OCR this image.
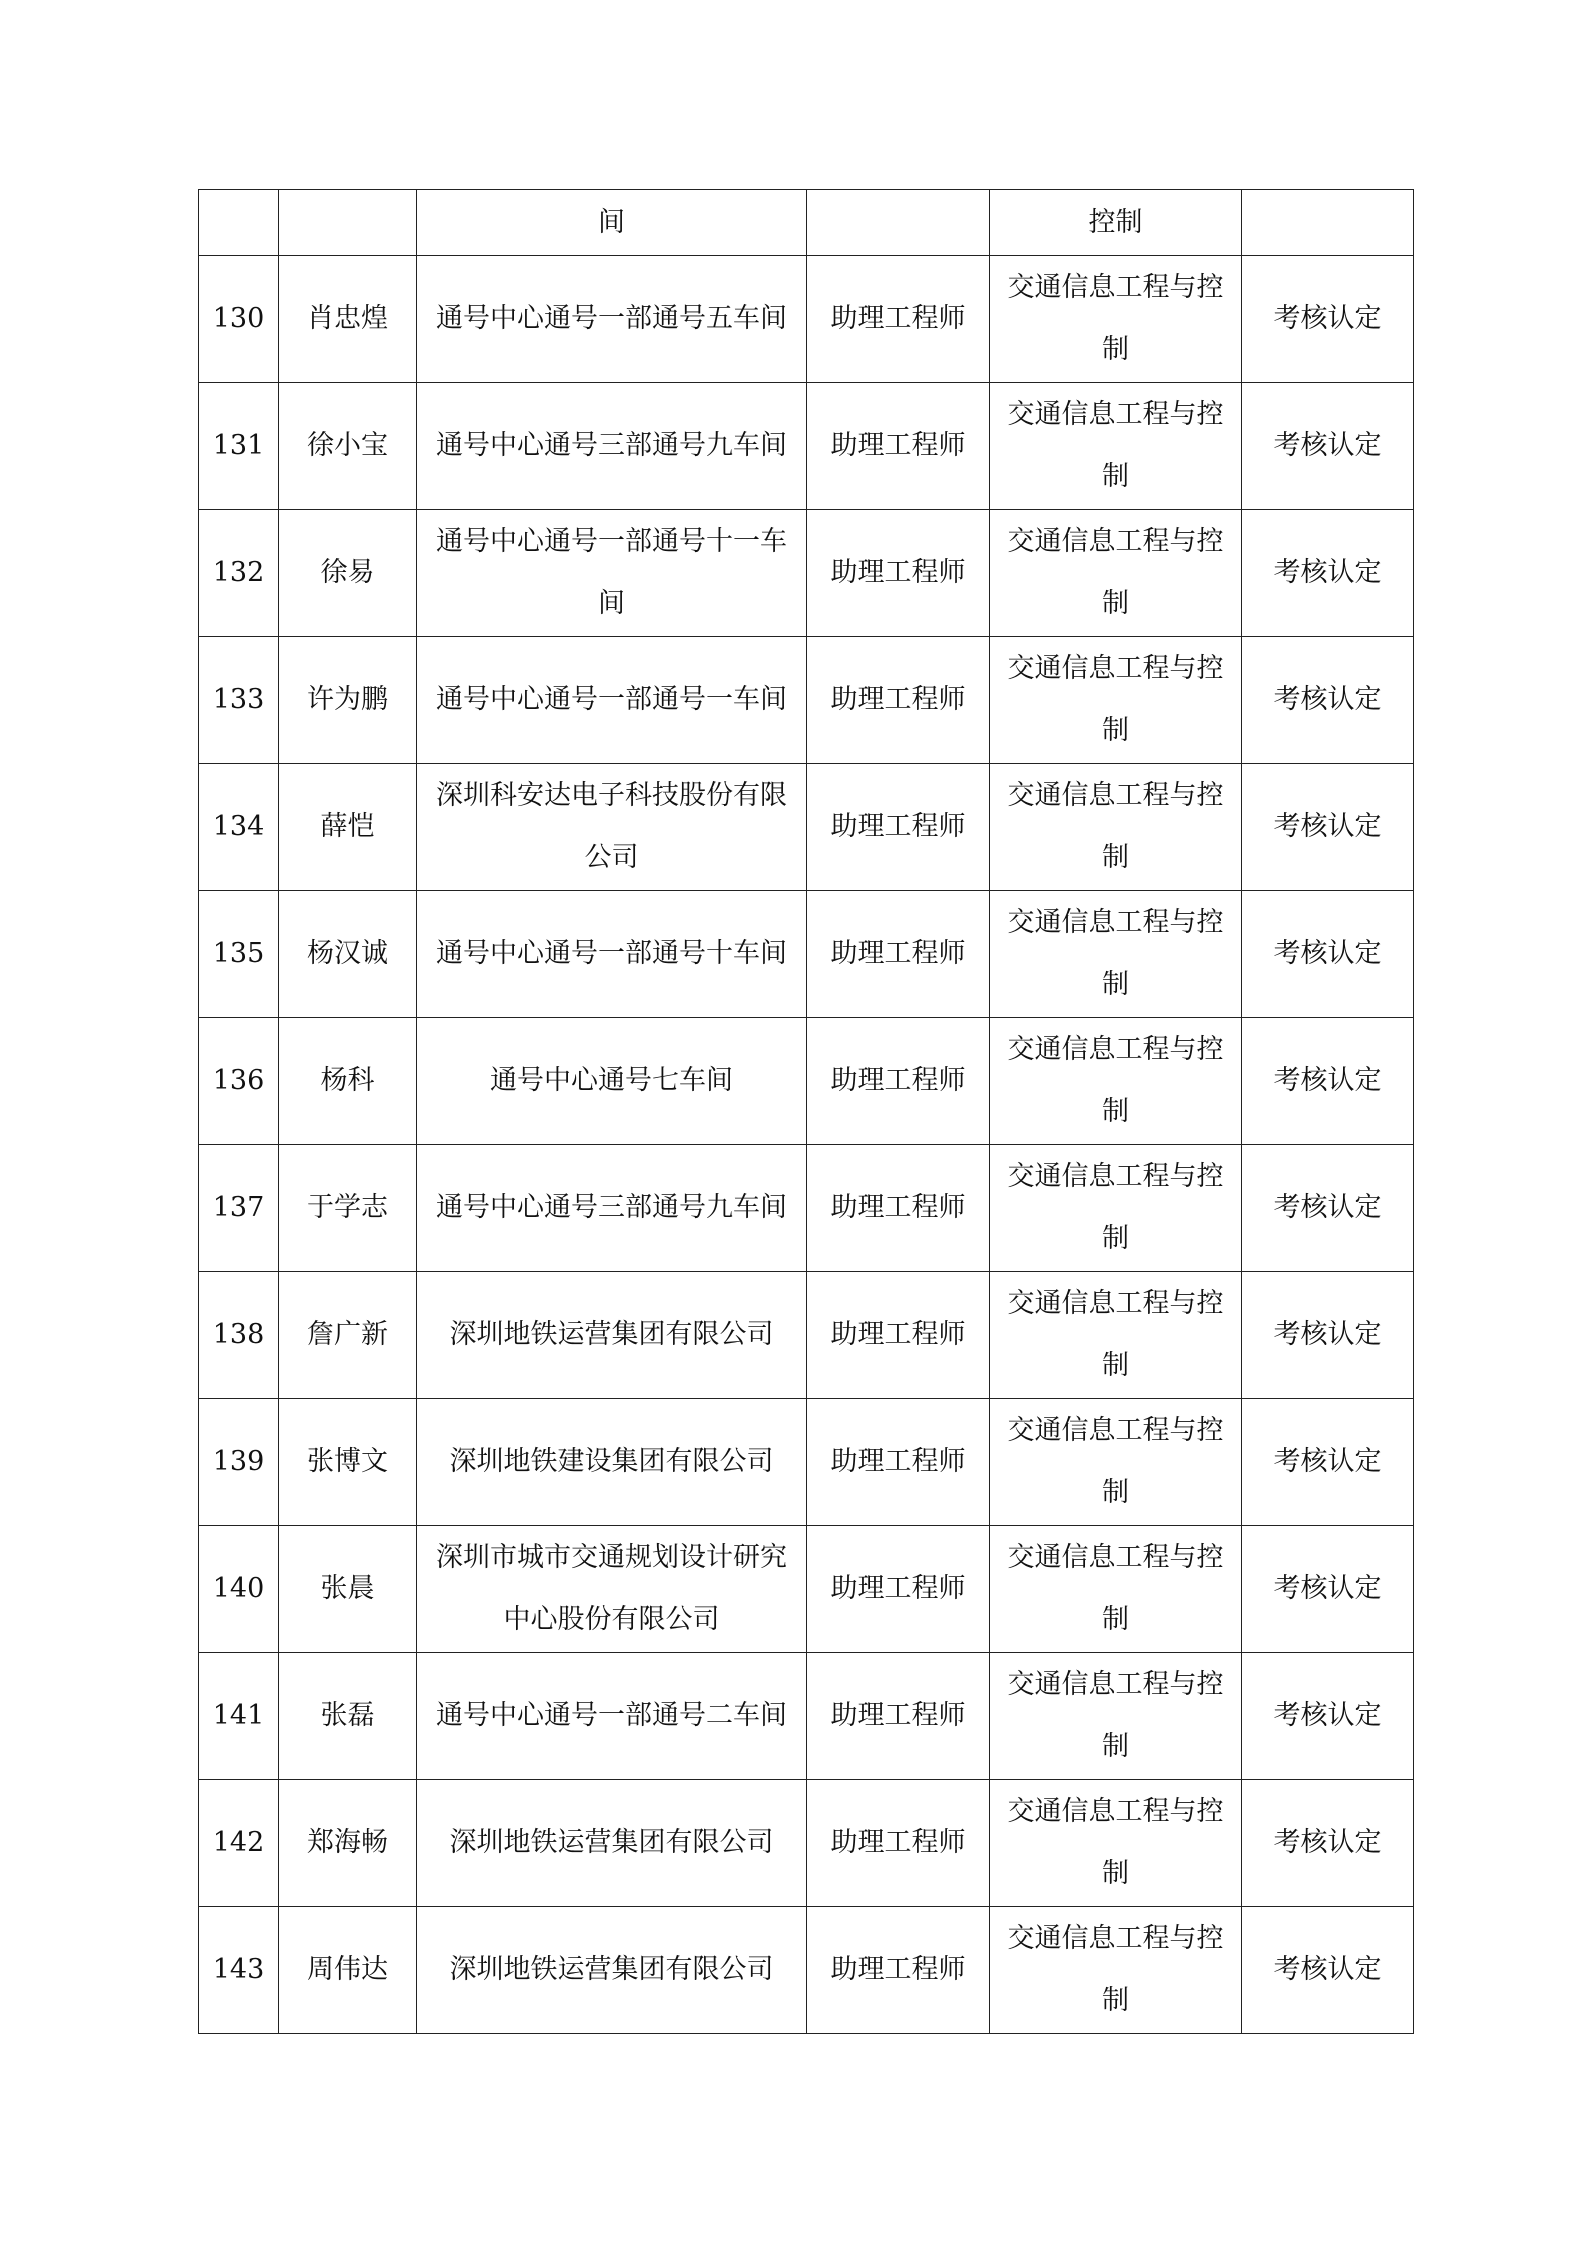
		间		控制	
130	肖忠煌	通号中心通号一部通号五车间	助理工程师	交通信息工程与控制	考核认定
131	徐小宝	通号中心通号三部通号九车间	助理工程师	交通信息工程与控制	考核认定
132	徐易	通号中心通号一部通号十一车间	助理工程师	交通信息工程与控制	考核认定
133	许为鹏	通号中心通号一部通号一车间	助理工程师	交通信息工程与控制	考核认定
134	薛恺	深圳科安达电子科技股份有限公司	助理工程师	交通信息工程与控制	考核认定
135	杨汉诚	通号中心通号一部通号十车间	助理工程师	交通信息工程与控制	考核认定
136	杨科	通号中心通号七车间	助理工程师	交通信息工程与控制	考核认定
137	于学志	通号中心通号三部通号九车间	助理工程师	交通信息工程与控制	考核认定
138	詹广新	深圳地铁运营集团有限公司	助理工程师	交通信息工程与控制	考核认定
139	张博文	深圳地铁建设集团有限公司	助理工程师	交通信息工程与控制	考核认定
140	张晨	深圳市城市交通规划设计研究中心股份有限公司	助理工程师	交通信息工程与控制	考核认定
141	张磊	通号中心通号一部通号二车间	助理工程师	交通信息工程与控制	考核认定
142	郑海畅	深圳地铁运营集团有限公司	助理工程师	交通信息工程与控制	考核认定
143	周伟达	深圳地铁运营集团有限公司	助理工程师	交通信息工程与控制	考核认定
